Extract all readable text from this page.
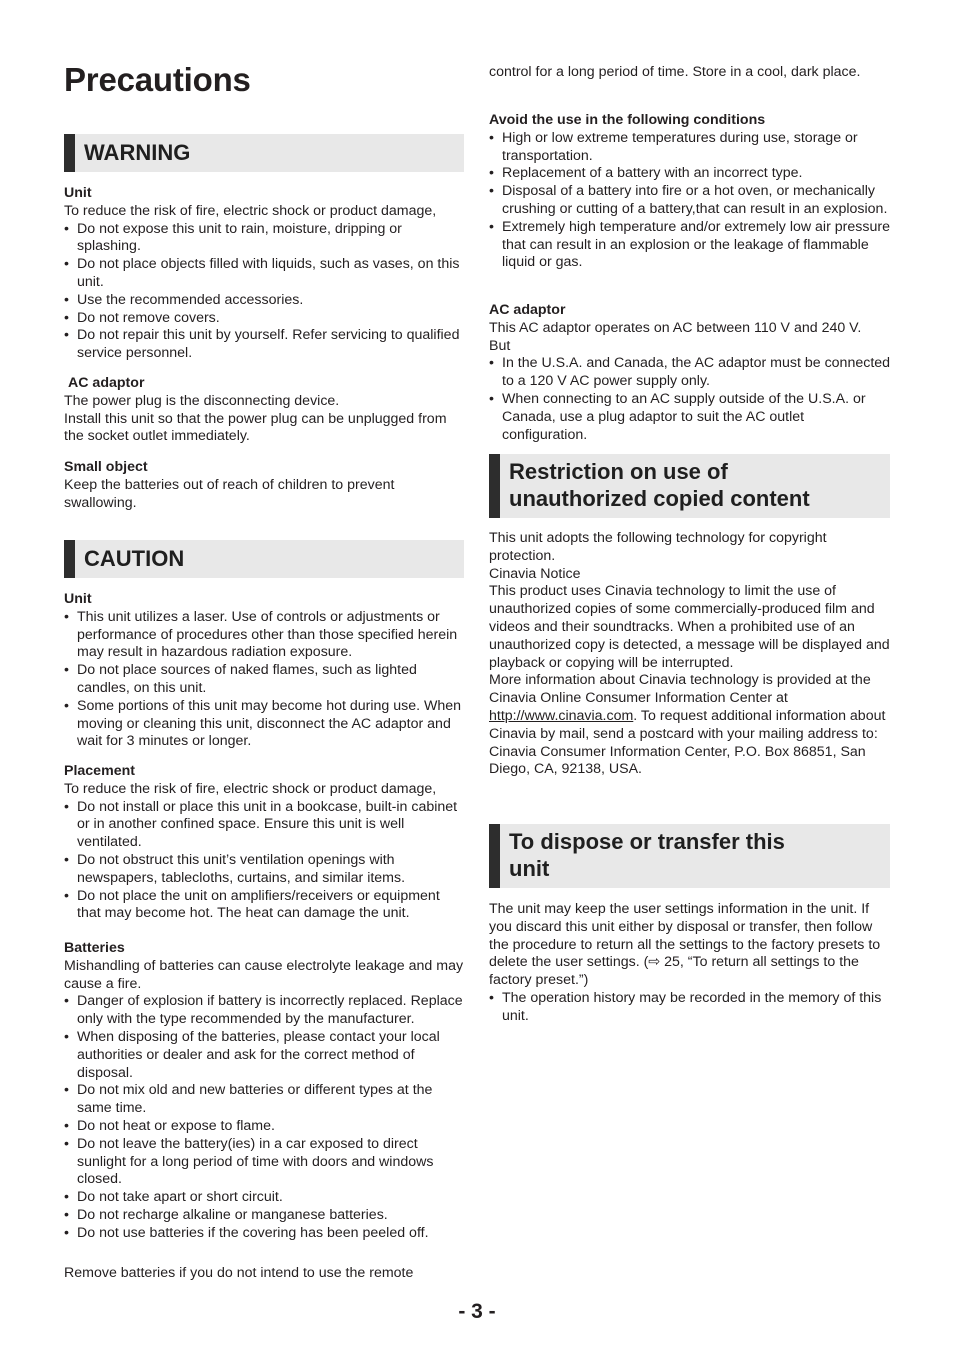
Precautions
WARNING

Unit

To reduce the risk of fire, electric shock or product damage,

• Do not expose this unit to rain, moisture, dripping or splashing.
• Do not place objects filled with liquids, such as vases, on this unit.
• Use the recommended accessories.
• Do not remove covers.
• Do not repair this unit by yourself. Refer servicing to qualified service personnel.

AC adaptor

The power plug is the disconnecting device.

Install this unit so that the power plug can be unplugged from the socket outlet immediately.

Small object

Keep the batteries out of reach of children to prevent swallowing.

CAUTION

Unit

• This unit utilizes a laser. Use of controls or adjustments or performance of procedures other than those specified herein may result in hazardous radiation exposure.
• Do not place sources of naked flames, such as lighted candles, on this unit.
• Some portions of this unit may become hot during use. When moving or cleaning this unit, disconnect the AC adaptor and wait for 3 minutes or longer.

Placement

To reduce the risk of fire, electric shock or product damage,

• Do not install or place this unit in a bookcase, built-in cabinet or in another confined space. Ensure this unit is well ventilated.
• Do not obstruct this unit’s ventilation openings with newspapers, tablecloths, curtains, and similar items.
• Do not place the unit on amplifiers/receivers or equipment that may become hot. The heat can damage the unit.

Batteries

Mishandling of batteries can cause electrolyte leakage and may cause a fire.

• Danger of explosion if battery is incorrectly replaced. Replace only with the type recommended by the manufacturer.
• When disposing of the batteries, please contact your local authorities or dealer and ask for the correct method of disposal.
• Do not mix old and new batteries or different types at the same time.
• Do not heat or expose to flame.
• Do not leave the battery(ies) in a car exposed to direct sunlight for a long period of time with doors and windows closed.
• Do not take apart or short circuit.
• Do not recharge alkaline or manganese batteries.
• Do not use batteries if the covering has been peeled off.

Remove batteries if you do not intend to use the remote

control for a long period of time. Store in a cool, dark place.

Avoid the use in the following conditions

• High or low extreme temperatures during use, storage or transportation.
• Replacement of a battery with an incorrect type.
• Disposal of a battery into fire or a hot oven, or mechanically crushing or cutting of a battery,that can result in an explosion.
• Extremely high temperature and/or extremely low air pressure that can result in an explosion or the leakage of flammable liquid or gas.

AC adaptor

This AC adaptor operates on AC between 110 V and 240 V.

But

• In the U.S.A. and Canada, the AC adaptor must be connected to a 120 V AC power supply only.
• When connecting to an AC supply outside of the U.S.A. or Canada, use a plug adaptor to suit the AC outlet configuration.
Restriction on use of
unauthorized copied content

This unit adopts the following technology for copyright protection.

Cinavia Notice

This product uses Cinavia technology to limit the use of unauthorized copies of some commercially-produced film and videos and their soundtracks. When a prohibited use of an unauthorized copy is detected, a message will be displayed and playback or copying will be interrupted.

More information about Cinavia technology is provided at the Cinavia Online Consumer Information Center at http://www.cinavia.com. To request additional information about Cinavia by mail, send a postcard with your mailing address to:

Cinavia Consumer Information Center, P.O. Box 86851, San Diego, CA, 92138, USA.

To dispose or transfer this
unit

The unit may keep the user settings information in the unit. If you discard this unit either by disposal or transfer, then follow the procedure to return all the settings to the factory presets to delete the user settings. (⇨ 25, “To return all settings to the factory preset.”)

• The operation history may be recorded in the memory of this unit.
- 3 -
